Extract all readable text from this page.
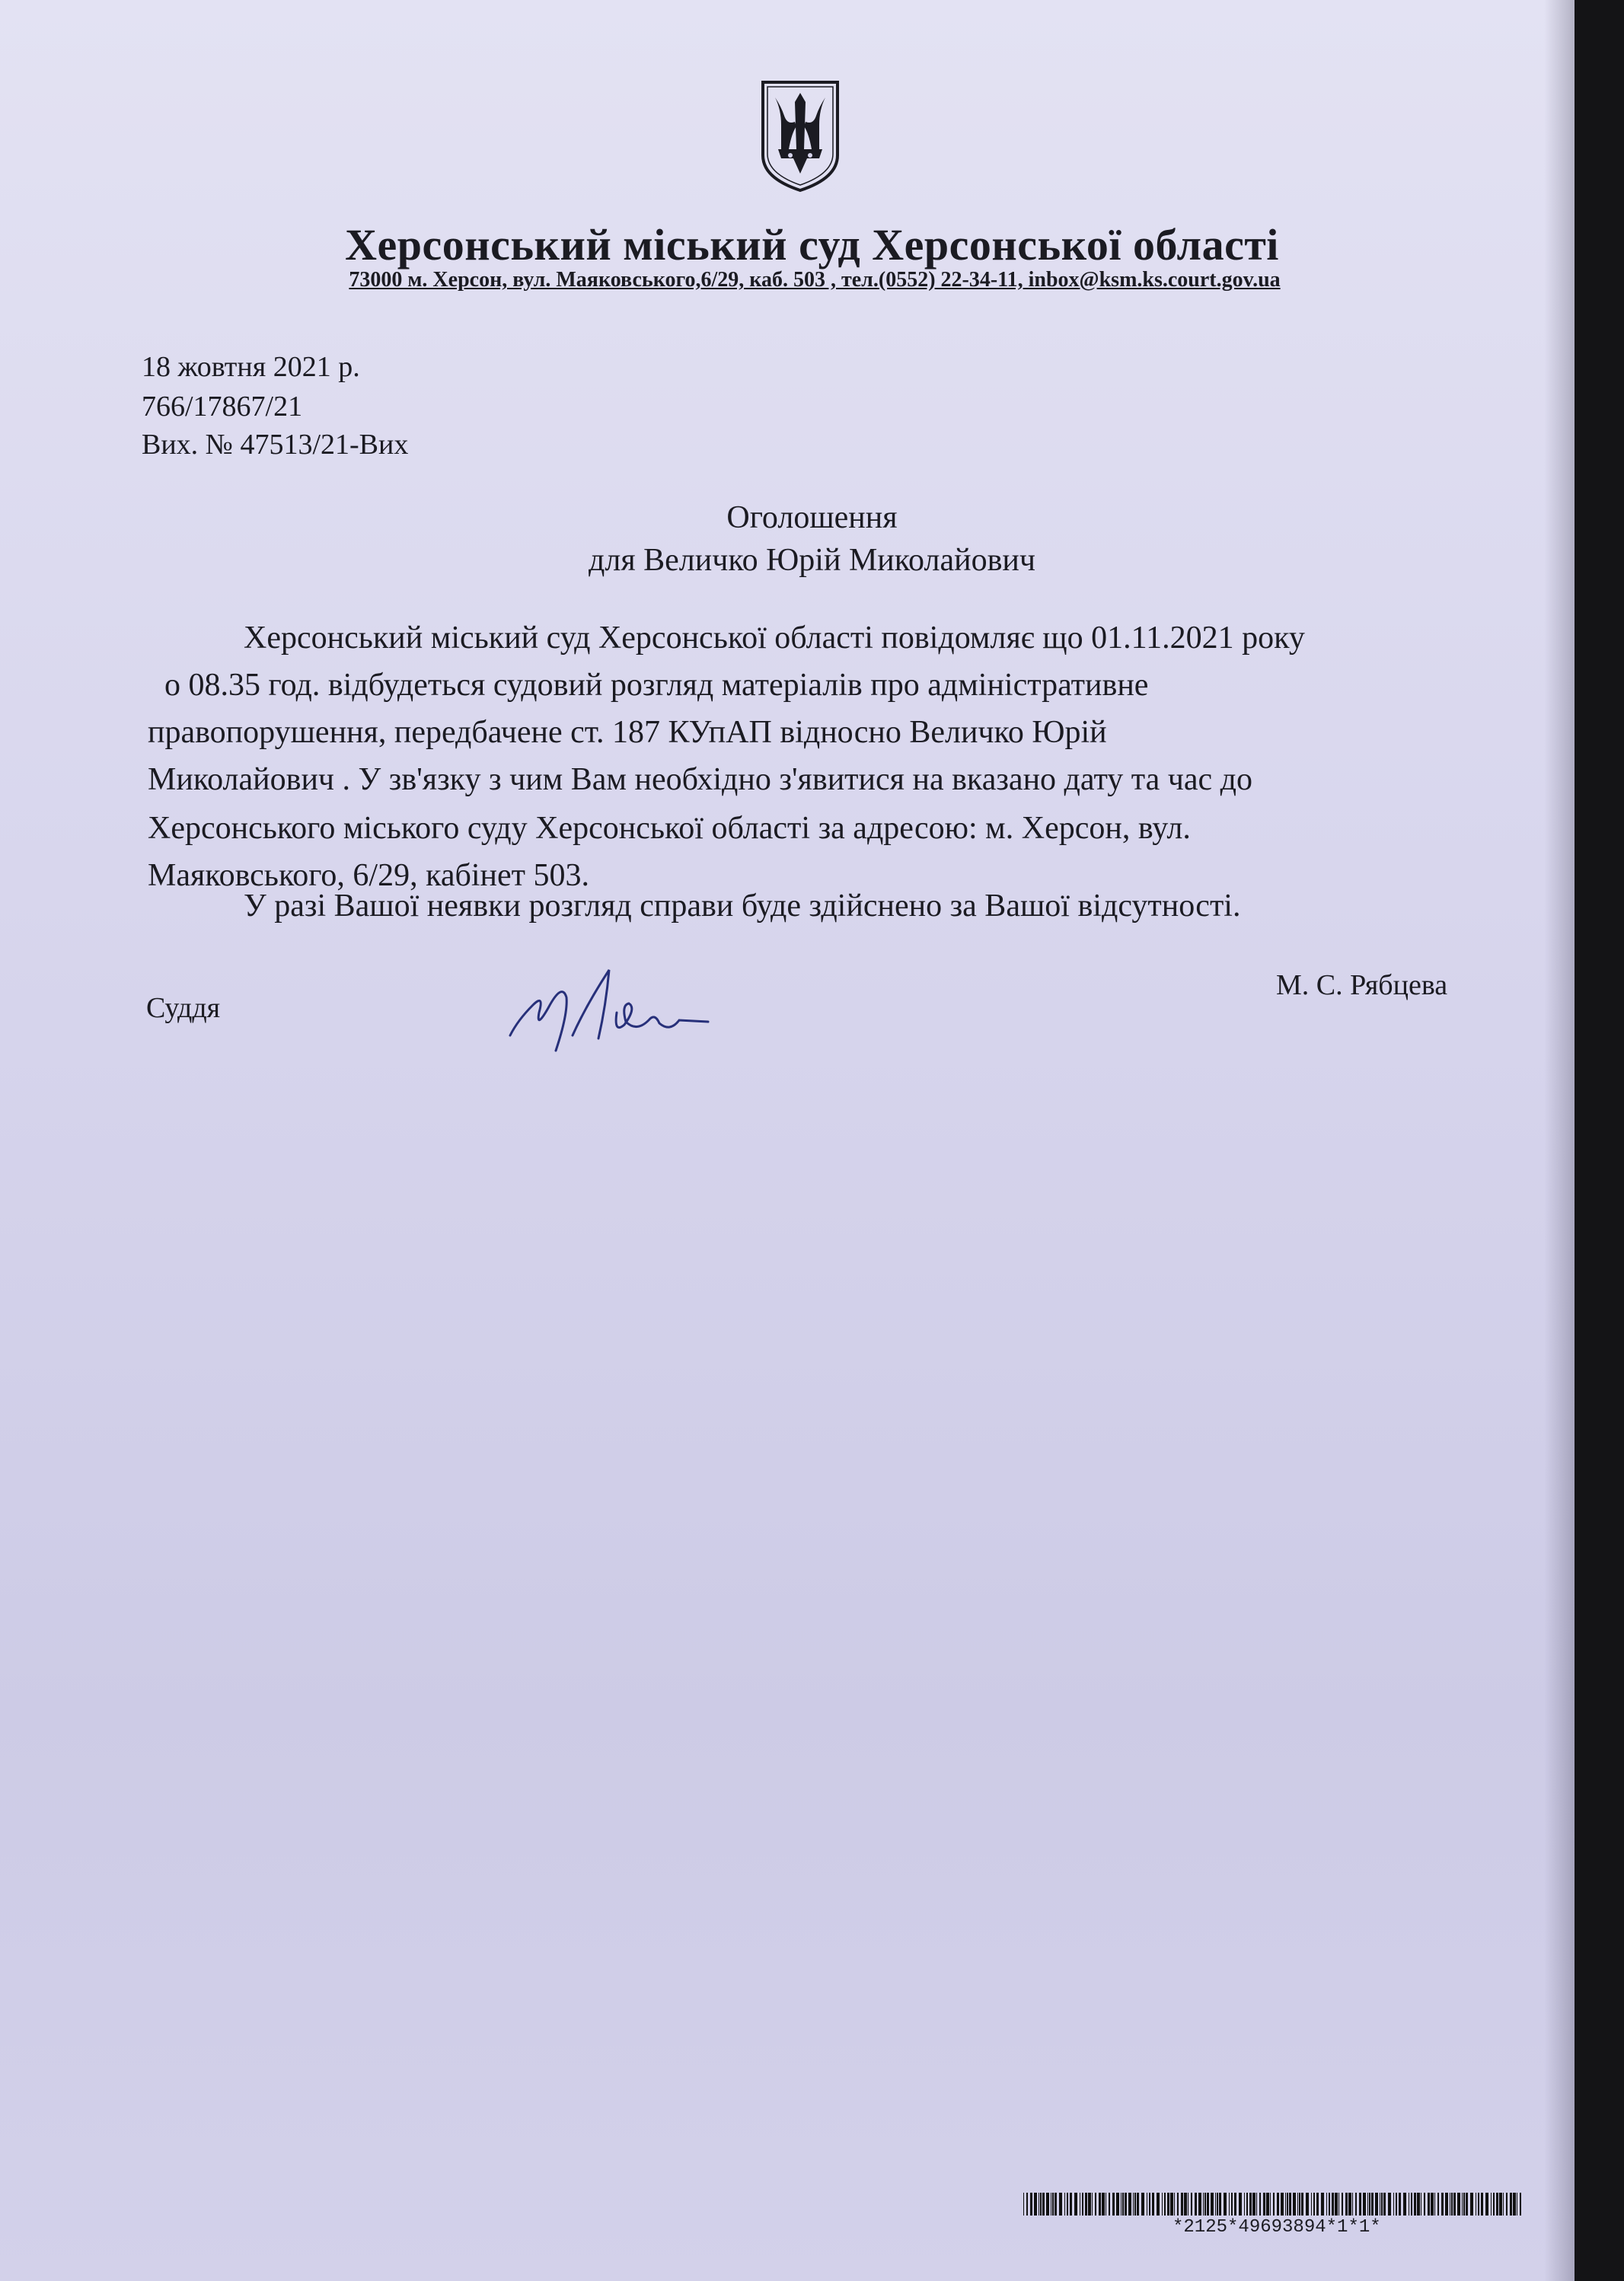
Херсонський міський суд Херсонської області
73000 м. Херсон, вул. Маяковського,6/29, каб. 503 , тел.(0552) 22-34-11, inbox@ksm.ks.court.gov.ua
18 жовтня 2021 р.
766/17867/21
Вих. № 47513/21-Вих
Оголошення
для Величко Юрій Миколайович
Херсонський міський суд Херсонської області повідомляє що 01.11.2021 року
о 08.35 год. відбудеться судовий розгляд матеріалів про адміністративне
правопорушення, передбачене ст. 187 КУпАП відносно Величко Юрій
Миколайович . У зв'язку з чим Вам необхідно з'явитися на вказано дату та час до
Херсонського міського суду Херсонської області за адресою: м. Херсон, вул.
Маяковського, 6/29, кабінет 503.
У разі Вашої неявки розгляд справи буде здійснено за Вашої відсутності.
Суддя
М. С. Рябцева
*2125*49693894*1*1*
